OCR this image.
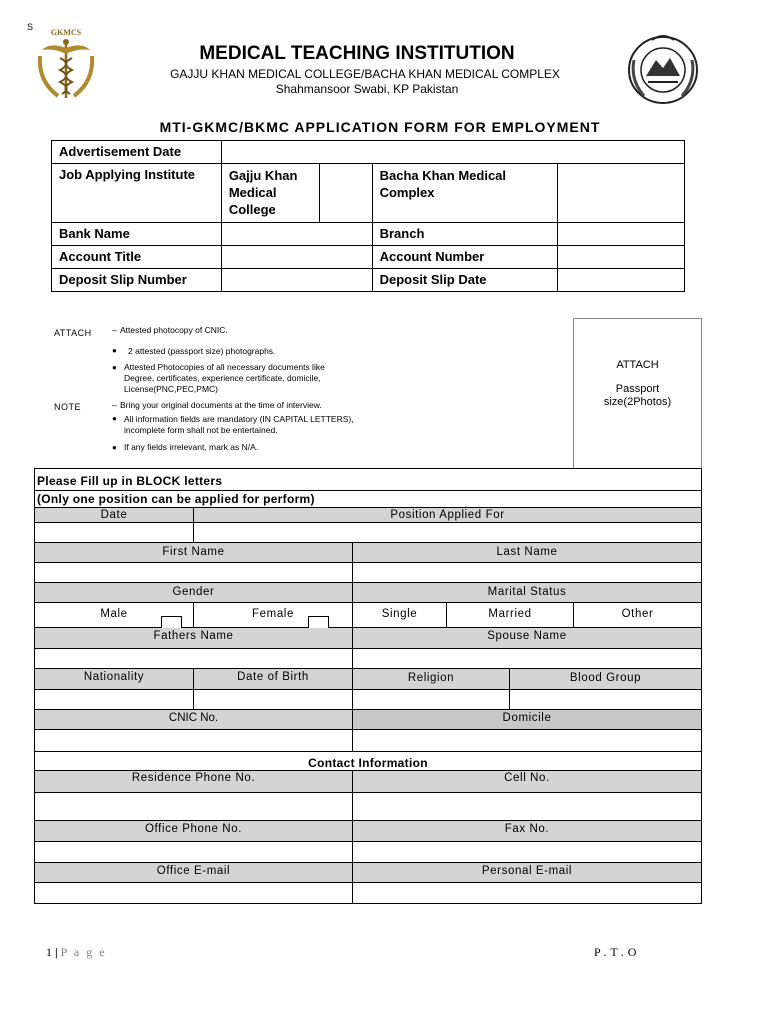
S
GKMCS
MEDICAL TEACHING INSTITUTION
GAJJU KHAN MEDICAL COLLEGE/BACHA KHAN MEDICAL COMPLEX
Shahmansoor Swabi, KP Pakistan
MTI-GKMC/BKMC APPLICATION FORM FOR EMPLOYMENT
Advertisement Date				
Job Applying Institute	Gajju Khan Medical College		Bacha Khan Medical Complex	
Bank Name			Branch	
Account Title			Account Number	
Deposit Slip Number			Deposit Slip Date	
ATTACH
NOTE
– Attested photocopy of CNIC.
● 2 attested (passport size) photographs.
● Attested Photocopies of all necessary documents like Degree, certificates, experience certificate, domicile, License(PNC,PEC,PMC)
– Bring your original documents at the time of interview.
● All information fields are mandatory (IN CAPITAL LETTERS), incomplete form shall not be entertained.
● If any fields irrelevant, mark as N/A.
ATTACH
Passport
size(2Photos)
Please Fill up in BLOCK letters
(Only one position can be applied for perform)
Date	Position Applied For
First Name	Last Name
Gender	Marital Status
Male	Female	Single	Married	Other
Fathers Name	Spouse Name
Nationality	Date of Birth	Religion	Blood Group
CNIC No.	Domicile
Contact Information
Residence Phone No.	Cell No.
Office Phone No.	Fax No.
Office E-mail	Personal E-mail
1 | P a g e	P.T.O
